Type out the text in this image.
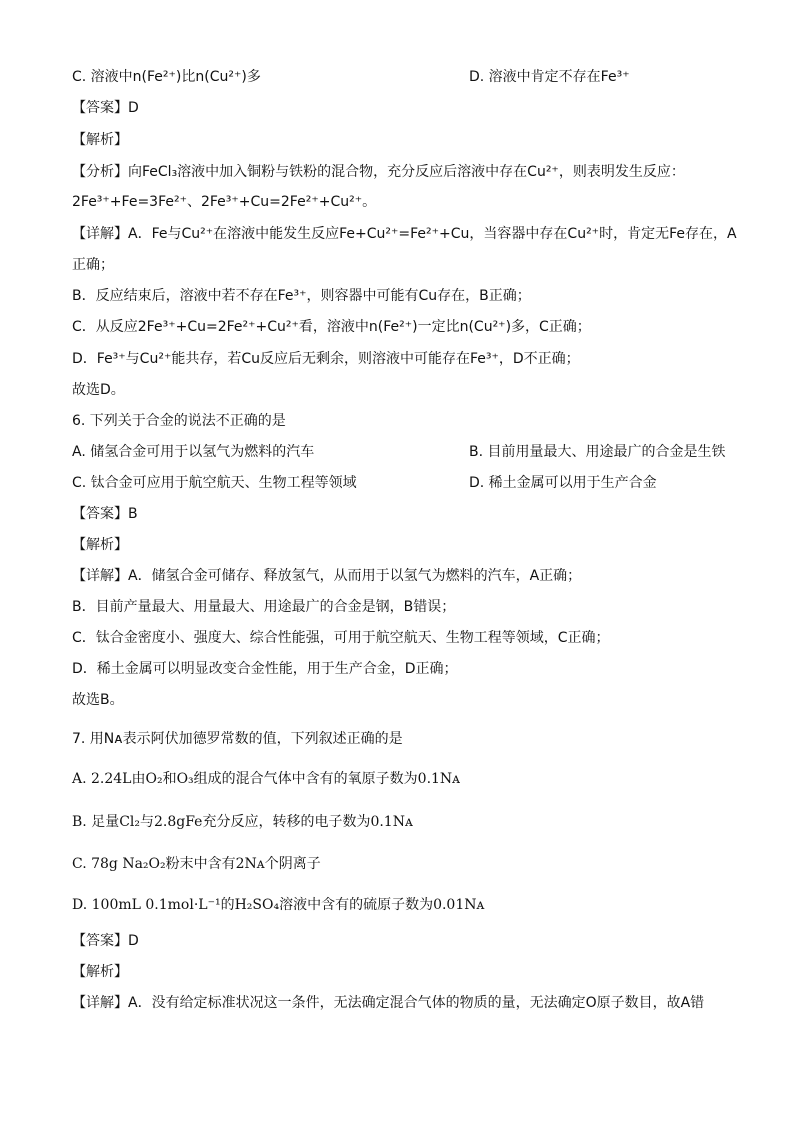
C. 溶液中n(Fe²⁺)比n(Cu²⁺)多	D. 溶液中肯定不存在Fe³⁺
【答案】D
【解析】
【分析】向FeCl₃溶液中加入铜粉与铁粉的混合物，充分反应后溶液中存在Cu²⁺，则表明发生反应：
2Fe³⁺+Fe=3Fe²⁺、2Fe³⁺+Cu=2Fe²⁺+Cu²⁺。
【详解】A．Fe与Cu²⁺在溶液中能发生反应Fe+Cu²⁺=Fe²⁺+Cu，当容器中存在Cu²⁺时，肯定无Fe存在，A
正确；
B．反应结束后，溶液中若不存在Fe³⁺，则容器中可能有Cu存在，B正确；
C．从反应2Fe³⁺+Cu=2Fe²⁺+Cu²⁺看，溶液中n(Fe²⁺)一定比n(Cu²⁺)多，C正确；
D．Fe³⁺与Cu²⁺能共存，若Cu反应后无剩余，则溶液中可能存在Fe³⁺，D不正确；
故选D。
6. 下列关于合金的说法不正确的是
A. 储氢合金可用于以氢气为燃料的汽车	B. 目前用量最大、用途最广的合金是生铁
C. 钛合金可应用于航空航天、生物工程等领域	D. 稀土金属可以用于生产合金
【答案】B
【解析】
【详解】A．储氢合金可储存、释放氢气，从而用于以氢气为燃料的汽车，A正确；
B．目前产量最大、用量最大、用途最广的合金是钢，B错误；
C．钛合金密度小、强度大、综合性能强，可用于航空航天、生物工程等领域，C正确；
D．稀土金属可以明显改变合金性能，用于生产合金，D正确；
故选B。
7. 用Nᴀ表示阿伏加德罗常数的值，下列叙述正确的是
A. 2.24L由O₂和O₃组成的混合气体中含有的氧原子数为0.1Nᴀ
B. 足量Cl₂与2.8gFe充分反应，转移的电子数为0.1Nᴀ
C. 78g Na₂O₂粉末中含有2Nᴀ个阴离子
D. 100mL 0.1mol·L⁻¹的H₂SO₄溶液中含有的硫原子数为0.01Nᴀ
【答案】D
【解析】
【详解】A．没有给定标准状况这一条件，无法确定混合气体的物质的量，无法确定O原子数目，故A错
